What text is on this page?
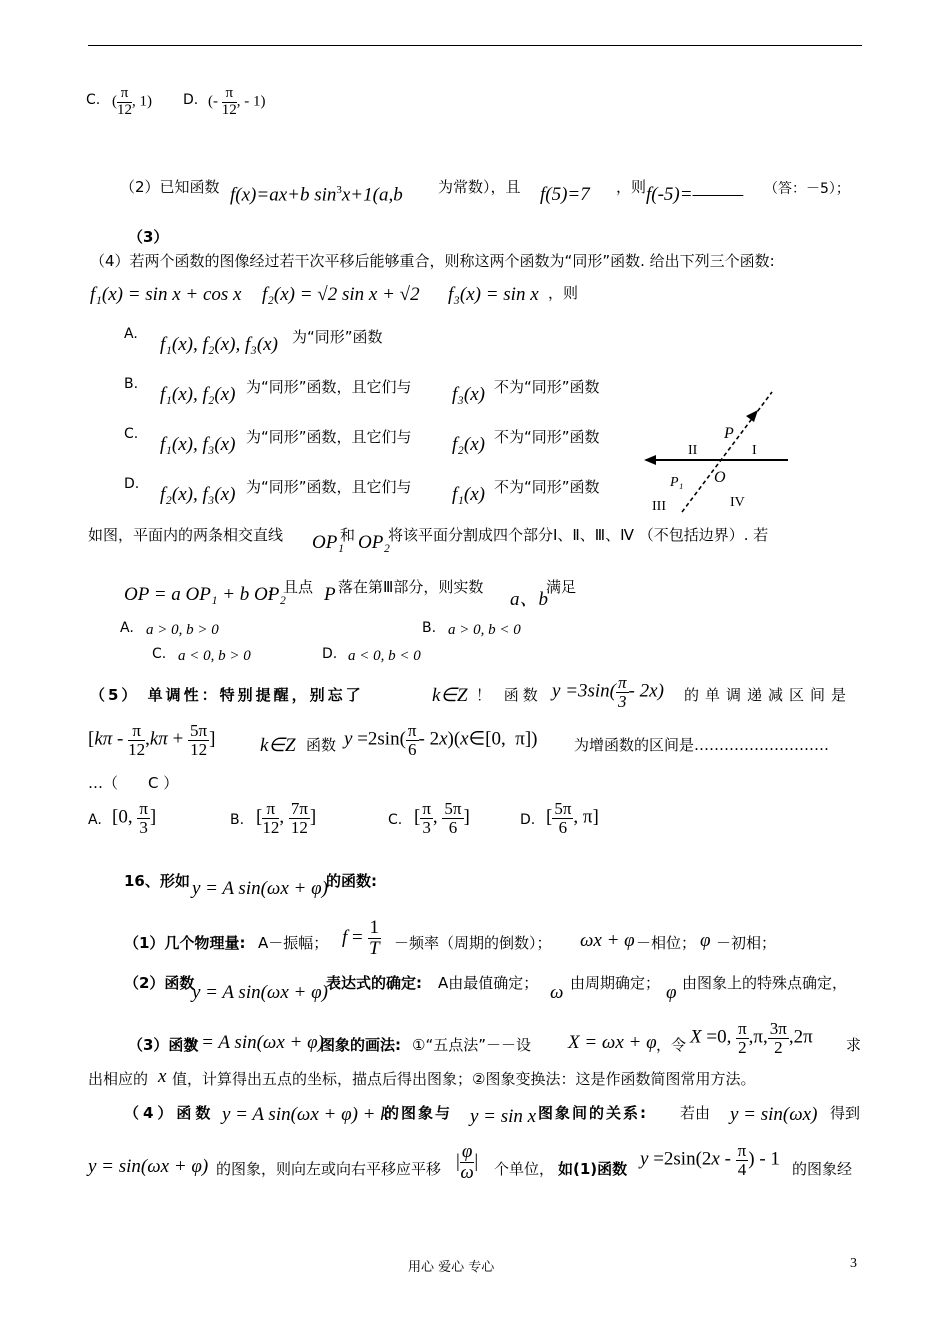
C. ( $\frac{\pi}{12}$ , 1) D. (- $\frac{\pi}{12}$ , - 1)
（2）已知函数 f(x)=ax+b $\sin^3x+1(a,b$ 为常数），且 f(5)=7 ，则 f(-5)=——— （答：－5）；
（3）
（4）若两个函数的图像经过若干次平移后能够重合，则称这两个函数为“同形”函数. 给出下列三个函数:
f₁(x) = sin x + cos x f₂(x) = √2 sin x + √2 f₃(x) = sin x ，则
A. f₁(x), f₂(x), f₃(x) 为“同形”函数
B. f₁(x), f₂(x) 为“同形”函数，且它们与 f₃(x) 不为“同形”函数
C. f₁(x), f₃(x) 为“同形”函数，且它们与 f₂(x) 不为“同形”函数
D. f₂(x), f₃(x) 为“同形”函数，且它们与 f₁(x) 不为“同形”函数
P
II	I
O
P₁
III	IV
如图，平面内的两条相交直线 OP₁
和 OP₂
将该平面分割成四个部分Ⅰ、Ⅱ、Ⅲ、Ⅳ （不包括边界）. 若
OP = a OP₁ + b OP₂
，且点 P 落在第Ⅲ部分，则实数
a、b
满足
A. a > 0, b > 0	B. a > 0, b < 0
C. a < 0, b > 0	D. a < 0, b < 0
（5） 单调性：特别提醒，别忘了	k∈Z ！ 函数 $y =3\sin( \frac{\pi}{3} - 2x)$ 的单调递减区间是
[$k\pi - \frac{\pi}{12} ,k\pi + \frac{5\pi}{12}$ ] k∈Z 函数 $y =2\sin( \frac{\pi}{6}$ - 2x)(x∈[0,  π]) 为增函数的区间是………………………
…（　　C ）
A. [0, $\frac{\pi}{3}$ ]	B. [ $\frac{\pi}{12}$ , $\frac{7\pi}{12}$ ]	C. [ $\frac{\pi}{3}$ , $\frac{5\pi}{6}$ ]	D. [ $\frac{5\pi}{6}$ , π]
16、形如 y = A sin(ωx + φ)
的函数:
（1）几个物理量: A－振幅； $f = \frac{1}{T}$ －频率（周期的倒数）； ωx + φ －相位； φ －初相；
（2）函数
y = A sin(ωx + φ)
表达式的确定: A由最值确定； ω 由周期确定； φ 由图象上的特殊点确定，
（3）函数
y = A sin(ωx + φ)
图象的画法: ①“五点法”－－设 X = ωx + φ ，令 X =0, $\frac{\pi}{2} ,\pi$, $\frac{3\pi}{2} ,2\pi$ 求
出相应的 x 值，计算得出五点的坐标，描点后得出图象；②图象变换法：这是作函数简图常用方法。
（4）函数 y = A sin(ωx + φ) + k
的图象与 y = sin x 图象间的关系: 若由 y = sin(ωx) 得到
y = sin(ωx + φ) 的图象，则向左或向右平移应平移 | $\frac{\varphi}{\omega}$ | 个单位， 如(1)函数 $y =2\sin(2x - \frac{\pi}{4}$ ) - 1 的图象经
用心 爱心 专心	3
